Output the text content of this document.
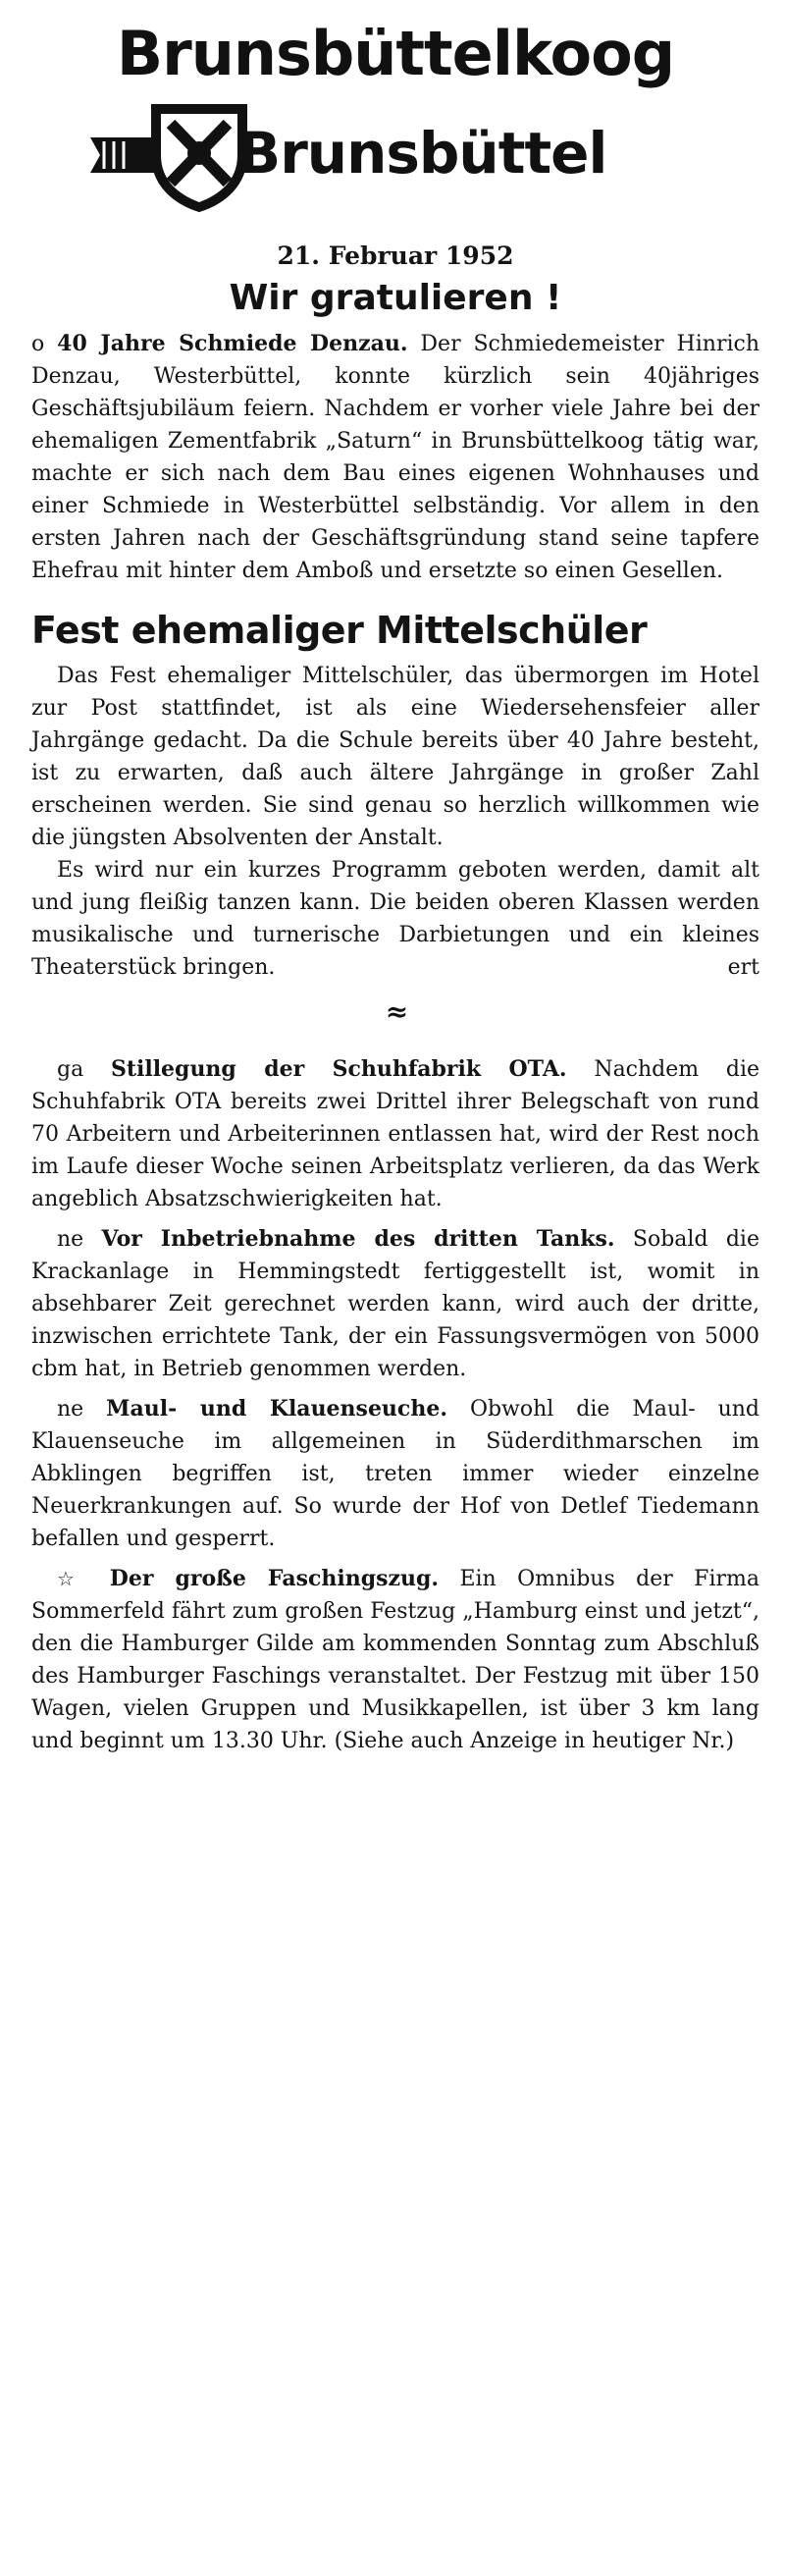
Brunsbüttelkoog
Brunsbüttel
21. Februar 1952
Wir gratulieren !

o 40 Jahre Schmiede Denzau. Der Schmiedemeister Hinrich Denzau, Westerbüttel, konnte kürzlich sein 40jähriges Geschäftsjubiläum feiern. Nachdem er vorher viele Jahre bei der ehemaligen Zementfabrik „Saturn“ in Brunsbüttelkoog tätig war, machte er sich nach dem Bau eines eigenen Wohnhauses und einer Schmiede in Westerbüttel selbständig. Vor allem in den ersten Jahren nach der Geschäftsgründung stand seine tapfere Ehefrau mit hinter dem Amboß und ersetzte so einen Gesellen.

Fest ehemaliger Mittelschüler

Das Fest ehemaliger Mittelschüler, das übermorgen im Hotel zur Post stattfindet, ist als eine Wiedersehensfeier aller Jahrgänge gedacht. Da die Schule bereits über 40 Jahre besteht, ist zu erwarten, daß auch ältere Jahrgänge in großer Zahl erscheinen werden. Sie sind genau so herzlich willkommen wie die jüngsten Absolventen der Anstalt.

Es wird nur ein kurzes Programm geboten werden, damit alt und jung fleißig tanzen kann. Die beiden oberen Klassen werden musikalische und turnerische Darbietungen und ein kleines Theaterstück bringen.	ert

≈

ga Stillegung der Schuhfabrik OTA. Nachdem die Schuhfabrik OTA bereits zwei Drittel ihrer Belegschaft von rund 70 Arbeitern und Arbeiterinnen entlassen hat, wird der Rest noch im Laufe dieser Woche seinen Arbeitsplatz verlieren, da das Werk angeblich Absatzschwierigkeiten hat.

ne Vor Inbetriebnahme des dritten Tanks. Sobald die Krackanlage in Hemmingstedt fertiggestellt ist, womit in absehbarer Zeit gerechnet werden kann, wird auch der dritte, inzwischen errichtete Tank, der ein Fassungsvermögen von 5000 cbm hat, in Betrieb genommen werden.

ne Maul- und Klauenseuche. Obwohl die Maul- und Klauenseuche im allgemeinen in Süderdithmarschen im Abklingen begriffen ist, treten immer wieder einzelne Neuerkrankungen auf. So wurde der Hof von Detlef Tiedemann befallen und gesperrt.

☆ Der große Faschingszug. Ein Omnibus der Firma Sommerfeld fährt zum großen Festzug „Hamburg einst und jetzt“, den die Hamburger Gilde am kommenden Sonntag zum Abschluß des Hamburger Faschings veranstaltet. Der Festzug mit über 150 Wagen, vielen Gruppen und Musikkapellen, ist über 3 km lang und beginnt um 13.30 Uhr. (Siehe auch Anzeige in heutiger Nr.)
